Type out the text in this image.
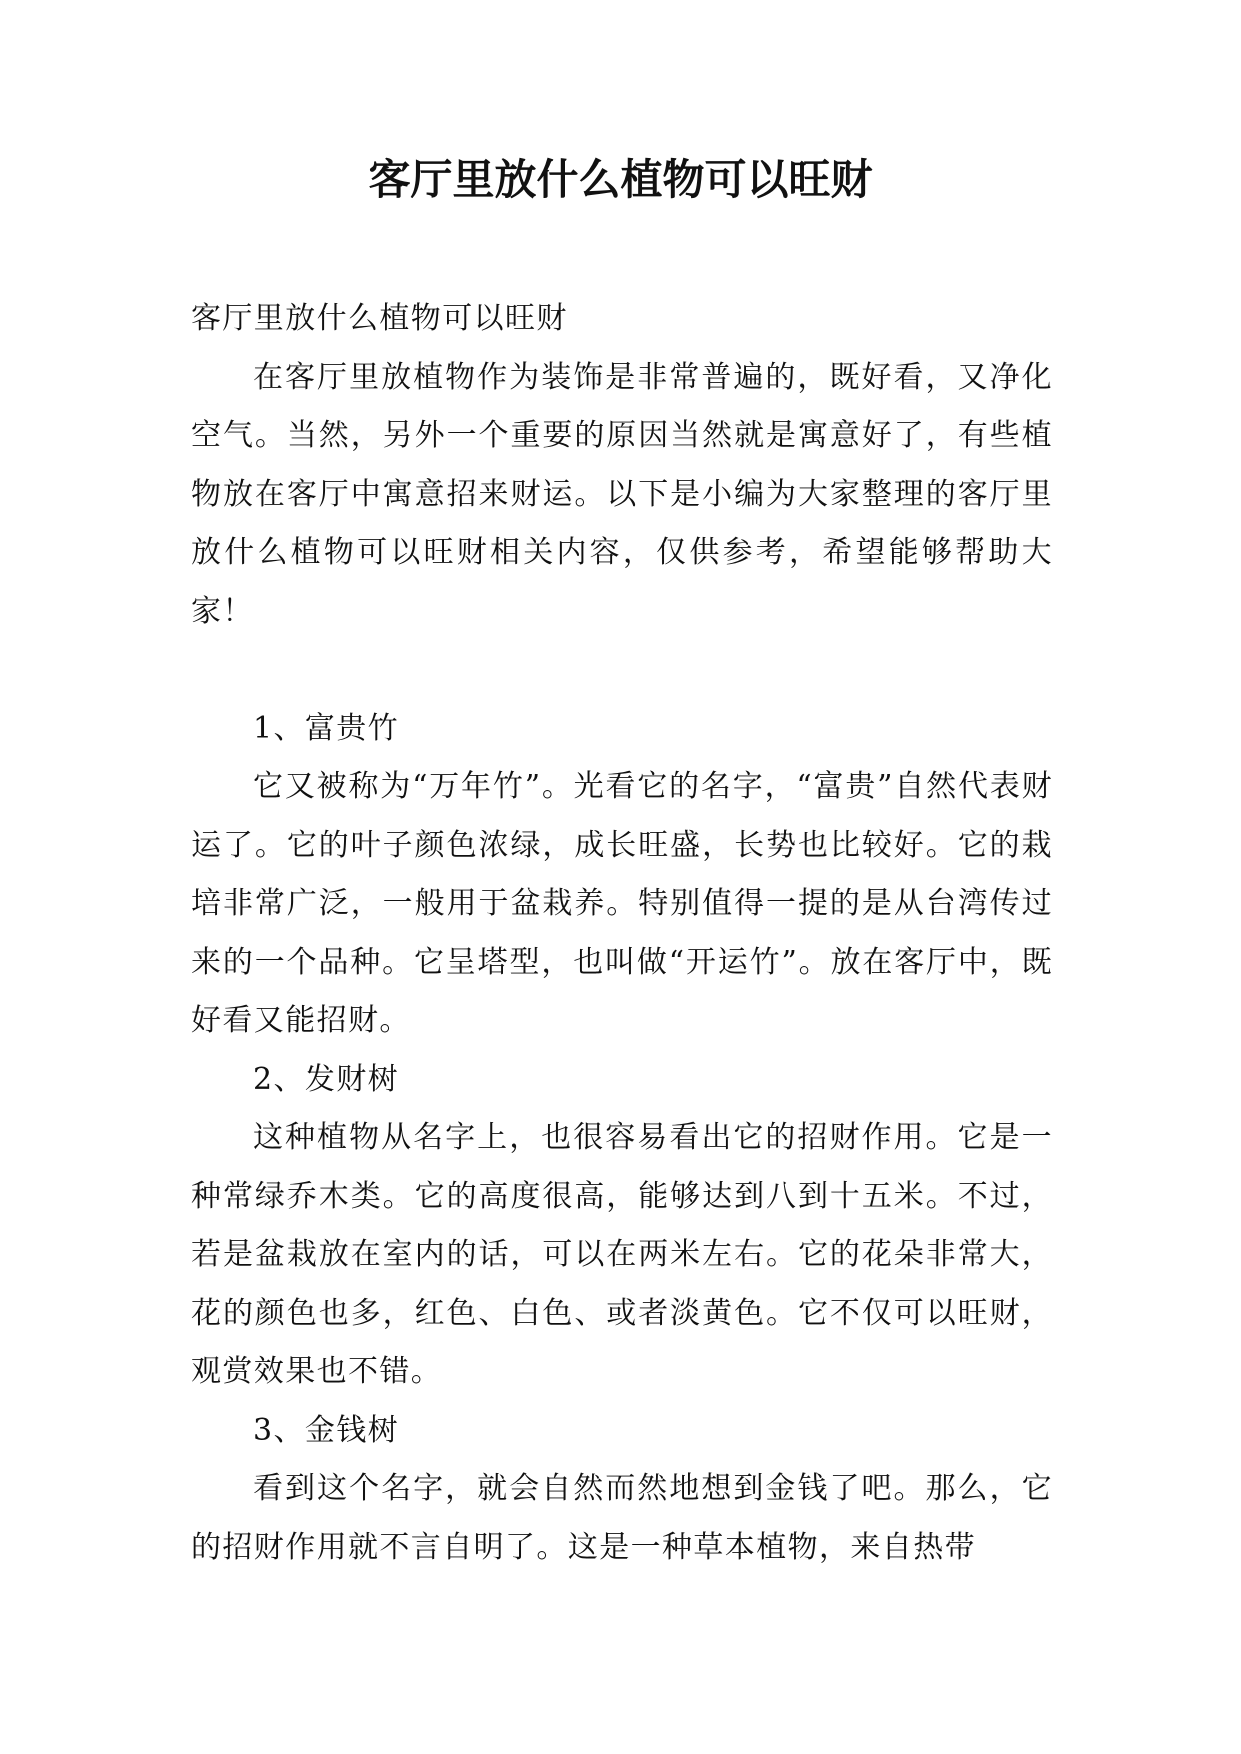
客厅里放什么植物可以旺财

客厅里放什么植物可以旺财

在客厅里放植物作为装饰是非常普遍的，既好看，又净化空气。当然，另外一个重要的原因当然就是寓意好了，有些植物放在客厅中寓意招来财运。以下是小编为大家整理的客厅里放什么植物可以旺财相关内容，仅供参考，希望能够帮助大家！

1、富贵竹

它又被称为“万年竹”。光看它的名字，“富贵”自然代表财运了。它的叶子颜色浓绿，成长旺盛，长势也比较好。它的栽培非常广泛，一般用于盆栽养。特别值得一提的是从台湾传过来的一个品种。它呈塔型，也叫做“开运竹”。放在客厅中，既好看又能招财。

2、发财树

这种植物从名字上，也很容易看出它的招财作用。它是一种常绿乔木类。它的高度很高，能够达到八到十五米。不过，若是盆栽放在室内的话，可以在两米左右。它的花朵非常大，花的颜色也多，红色、白色、或者淡黄色。它不仅可以旺财，观赏效果也不错。

3、金钱树

看到这个名字，就会自然而然地想到金钱了吧。那么，它的招财作用就不言自明了。这是一种草本植物，来自热带
